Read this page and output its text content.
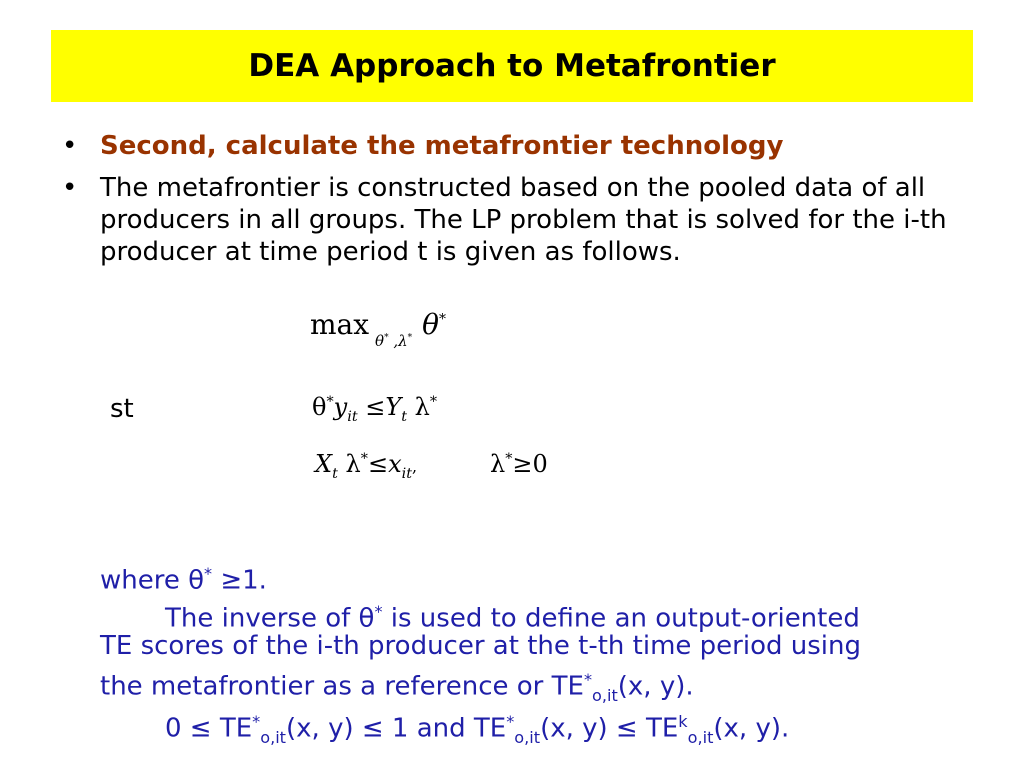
DEA Approach to Metafrontier
• Second, calculate the metafrontier technology
• The metafrontier is constructed based on the pooled data of all producers in all groups. The LP problem that is solved for the i-th producer at time period t is given as follows.
max $_{\theta^* ,\lambda^*}$ θ*
st	$\theta^*y_{it} \le Y_t$ λ*
$X_t$ $\lambda^*\le x_{it}$,	λ*≥0
where θ* ≥1.
The inverse of θ* is used to define an output-oriented
TE scores of the i-th producer at the t-th time period using
the metafrontier as a reference or $TE^*_{o,it}(x$, y).
$0 \le TE^*_{o,it}(x$, y) ≤ 1 and $TE^*_{o,it}(x$, $y) \le TE^k_{o,it}(x$, y).
